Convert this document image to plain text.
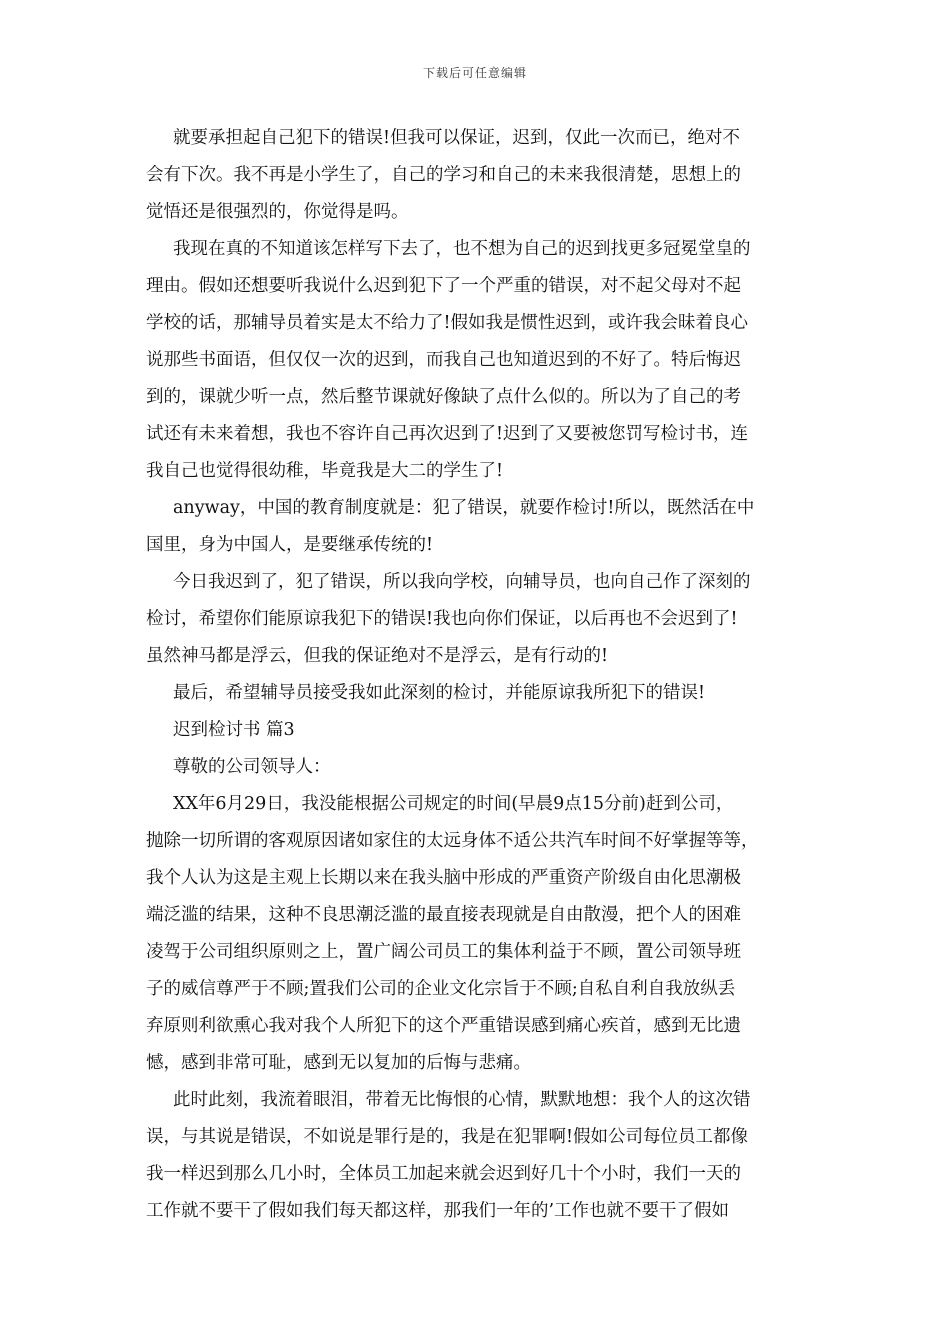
下载后可任意编辑
就要承担起自己犯下的错误!但我可以保证，迟到，仅此一次而已，绝对不
会有下次。我不再是小学生了，自己的学习和自己的未来我很清楚，思想上的
觉悟还是很强烈的，你觉得是吗。
我现在真的不知道该怎样写下去了，也不想为自己的迟到找更多冠冕堂皇的
理由。假如还想要听我说什么迟到犯下了一个严重的错误，对不起父母对不起
学校的话，那辅导员着实是太不给力了!假如我是惯性迟到，或许我会昧着良心
说那些书面语，但仅仅一次的迟到，而我自己也知道迟到的不好了。特后悔迟
到的，课就少听一点，然后整节课就好像缺了点什么似的。所以为了自己的考
试还有未来着想，我也不容许自己再次迟到了!迟到了又要被您罚写检讨书，连
我自己也觉得很幼稚，毕竟我是大二的学生了!
anyway，中国的教育制度就是：犯了错误，就要作检讨!所以，既然活在中
国里，身为中国人，是要继承传统的!
今日我迟到了，犯了错误，所以我向学校，向辅导员，也向自己作了深刻的
检讨，希望你们能原谅我犯下的错误!我也向你们保证，以后再也不会迟到了!
虽然神马都是浮云，但我的保证绝对不是浮云，是有行动的!
最后，希望辅导员接受我如此深刻的检讨，并能原谅我所犯下的错误!
迟到检讨书 篇3
尊敬的公司领导人：
XX年6月29日，我没能根据公司规定的时间(早晨9点15分前)赶到公司，
抛除一切所谓的客观原因诸如家住的太远身体不适公共汽车时间不好掌握等等，
我个人认为这是主观上长期以来在我头脑中形成的严重资产阶级自由化思潮极
端泛滥的结果，这种不良思潮泛滥的最直接表现就是自由散漫，把个人的困难
凌驾于公司组织原则之上，置广阔公司员工的集体利益于不顾，置公司领导班
子的威信尊严于不顾;置我们公司的企业文化宗旨于不顾;自私自利自我放纵丢
弃原则利欲熏心我对我个人所犯下的这个严重错误感到痛心疾首，感到无比遗
憾，感到非常可耻，感到无以复加的后悔与悲痛。
此时此刻，我流着眼泪，带着无比悔恨的心情，默默地想：我个人的这次错
误，与其说是错误，不如说是罪行是的，我是在犯罪啊!假如公司每位员工都像
我一样迟到那么几小时，全体员工加起来就会迟到好几十个小时，我们一天的
工作就不要干了假如我们每天都这样，那我们一年的’工作也就不要干了假如
